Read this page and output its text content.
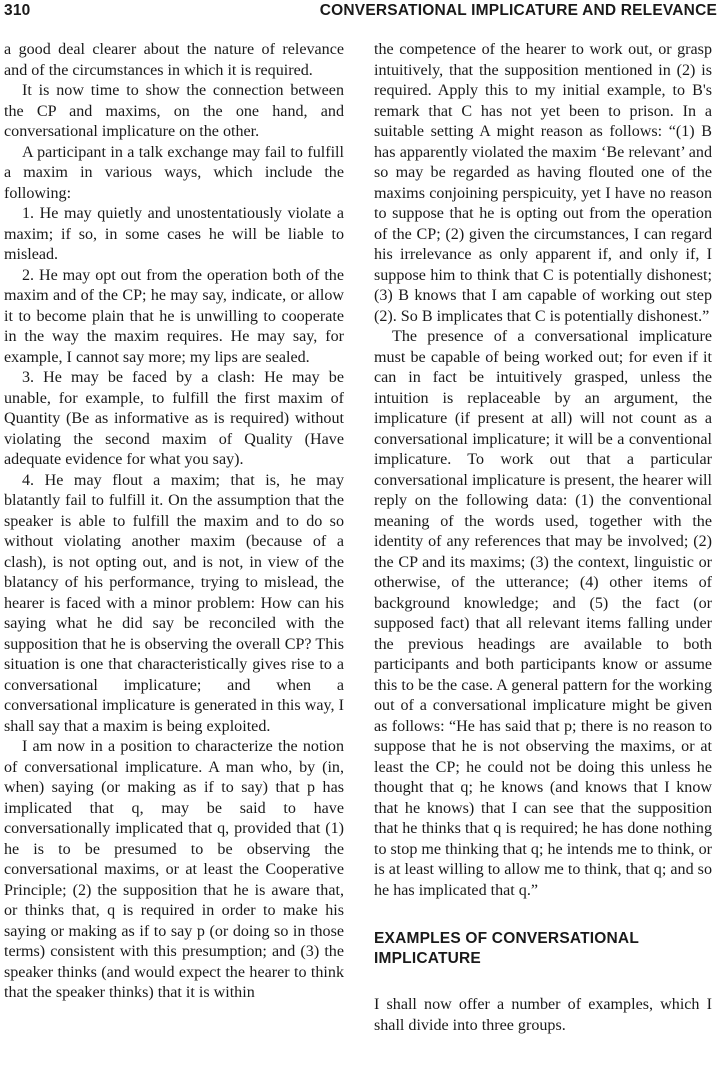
310	CONVERSATIONAL IMPLICATURE AND RELEVANCE

a good deal clearer about the nature of relevance and of the circumstances in which it is required.

It is now time to show the connection between the CP and maxims, on the one hand, and conversational implicature on the other.

A participant in a talk exchange may fail to fulfill a maxim in various ways, which include the following:

1. He may quietly and unostentatiously violate a maxim; if so, in some cases he will be liable to mislead.

2. He may opt out from the operation both of the maxim and of the CP; he may say, indicate, or allow it to become plain that he is unwilling to cooperate in the way the maxim requires. He may say, for example, I cannot say more; my lips are sealed.

3. He may be faced by a clash: He may be unable, for example, to fulfill the first maxim of Quantity (Be as informative as is required) without violating the second maxim of Quality (Have adequate evidence for what you say).

4. He may flout a maxim; that is, he may blatantly fail to fulfill it. On the assumption that the speaker is able to fulfill the maxim and to do so without violating another maxim (because of a clash), is not opting out, and is not, in view of the blatancy of his performance, trying to mislead, the hearer is faced with a minor problem: How can his saying what he did say be reconciled with the supposition that he is observing the overall CP? This situation is one that characteristically gives rise to a conversational implicature; and when a conversational implicature is generated in this way, I shall say that a maxim is being exploited.

I am now in a position to characterize the notion of conversational implicature. A man who, by (in, when) saying (or making as if to say) that p has implicated that q, may be said to have conversationally implicated that q, provided that (1) he is to be presumed to be observing the conversational maxims, or at least the Cooperative Principle; (2) the supposition that he is aware that, or thinks that, q is required in order to make his saying or making as if to say p (or doing so in those terms) consistent with this presumption; and (3) the speaker thinks (and would expect the hearer to think that the speaker thinks) that it is within

the competence of the hearer to work out, or grasp intuitively, that the supposition mentioned in (2) is required. Apply this to my initial example, to B's remark that C has not yet been to prison. In a suitable setting A might reason as follows: “(1) B has apparently violated the maxim ‘Be relevant’ and so may be regarded as having flouted one of the maxims conjoining perspicuity, yet I have no reason to suppose that he is opting out from the operation of the CP; (2) given the circumstances, I can regard his irrelevance as only apparent if, and only if, I suppose him to think that C is potentially dishonest; (3) B knows that I am capable of working out step (2). So B implicates that C is potentially dishonest.”

The presence of a conversational implicature must be capable of being worked out; for even if it can in fact be intuitively grasped, unless the intuition is replaceable by an argument, the implicature (if present at all) will not count as a conversational implicature; it will be a conventional implicature. To work out that a particular conversational implicature is present, the hearer will reply on the following data: (1) the conventional meaning of the words used, together with the identity of any references that may be involved; (2) the CP and its maxims; (3) the context, linguistic or otherwise, of the utterance; (4) other items of background knowledge; and (5) the fact (or supposed fact) that all relevant items falling under the previous headings are available to both participants and both participants know or assume this to be the case. A general pattern for the working out of a conversational implicature might be given as follows: “He has said that p; there is no reason to suppose that he is not observing the maxims, or at least the CP; he could not be doing this unless he thought that q; he knows (and knows that I know that he knows) that I can see that the supposition that he thinks that q is required; he has done nothing to stop me thinking that q; he intends me to think, or is at least willing to allow me to think, that q; and so he has implicated that q.”

EXAMPLES OF CONVERSATIONAL
IMPLICATURE

I shall now offer a number of examples, which I shall divide into three groups.
